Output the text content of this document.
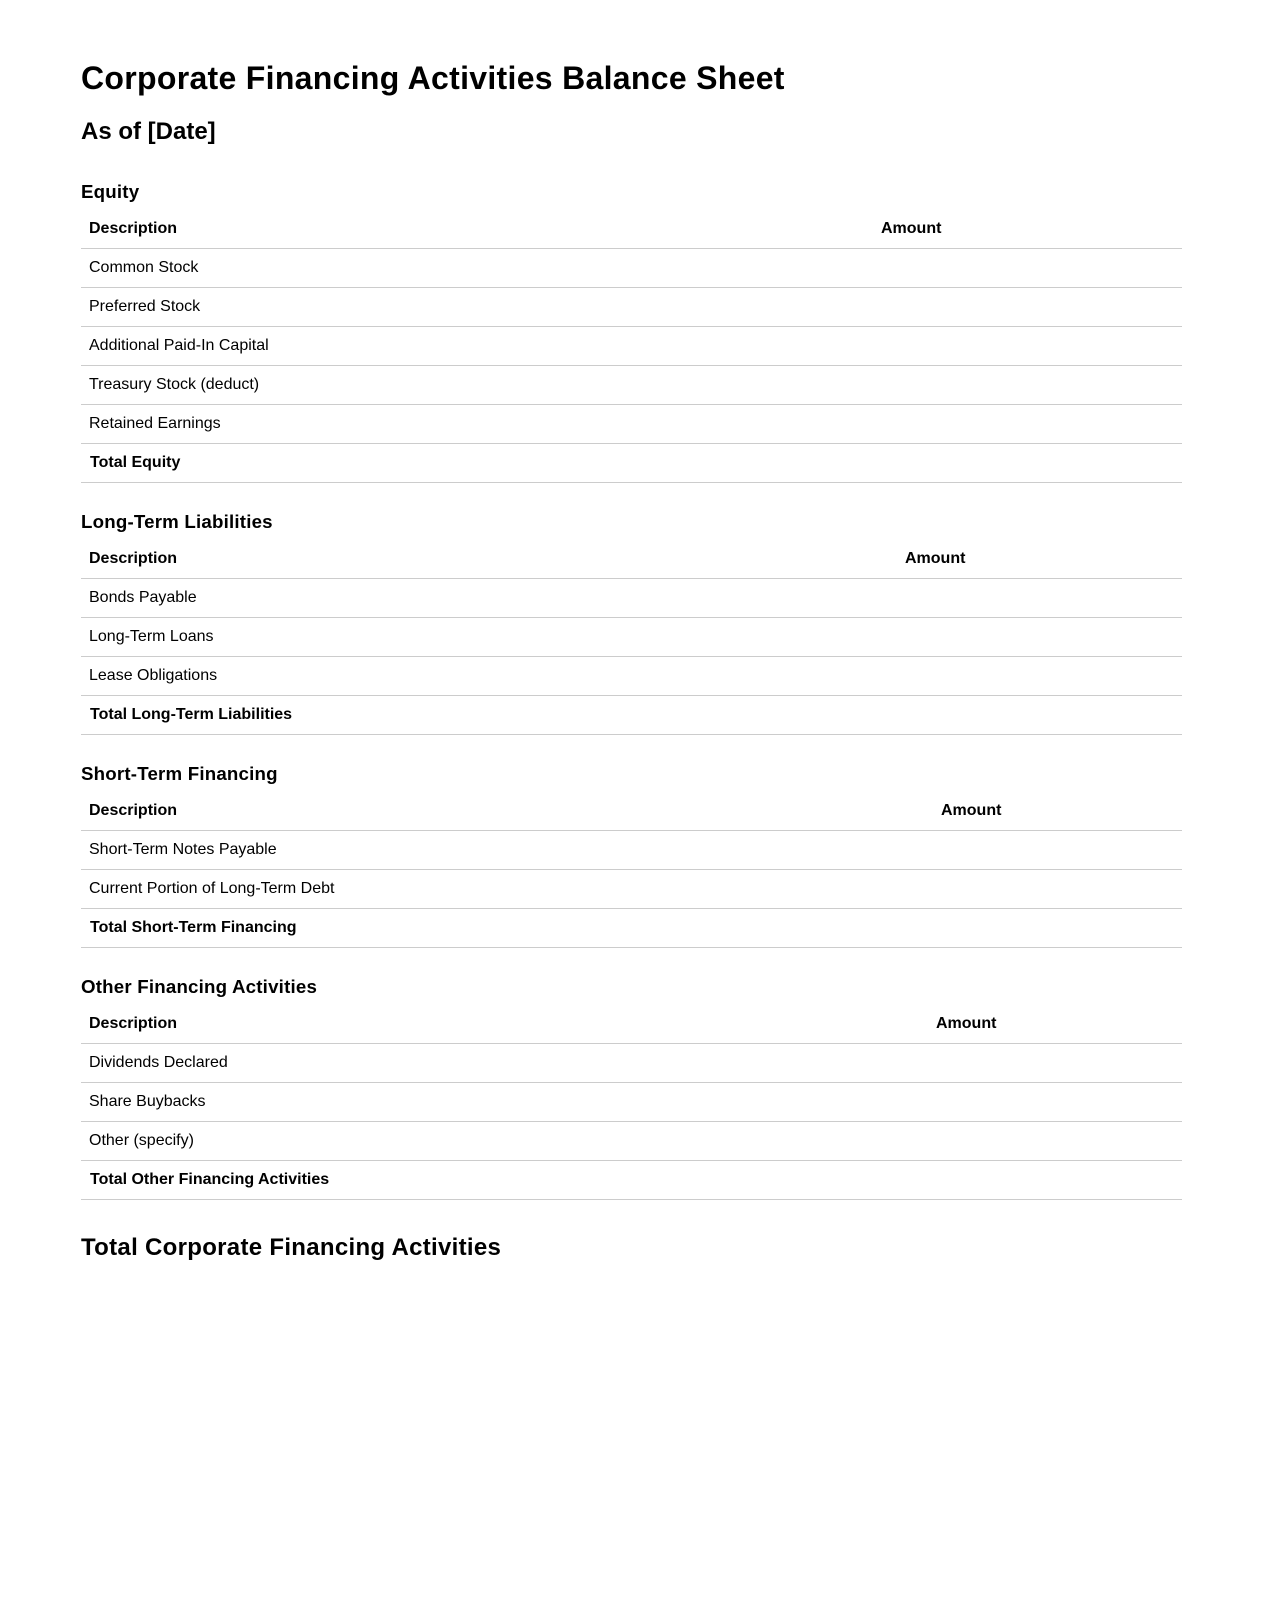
Corporate Financing Activities Balance Sheet
As of [Date]
Equity
Description	Amount
Common Stock	
Preferred Stock	
Additional Paid-In Capital	
Treasury Stock (deduct)	
Retained Earnings	
Total Equity	
Long-Term Liabilities
Description	Amount
Bonds Payable	
Long-Term Loans	
Lease Obligations	
Total Long-Term Liabilities	
Short-Term Financing
Description	Amount
Short-Term Notes Payable	
Current Portion of Long-Term Debt	
Total Short-Term Financing	
Other Financing Activities
Description	Amount
Dividends Declared	
Share Buybacks	
Other (specify)	
Total Other Financing Activities	
Total Corporate Financing Activities
